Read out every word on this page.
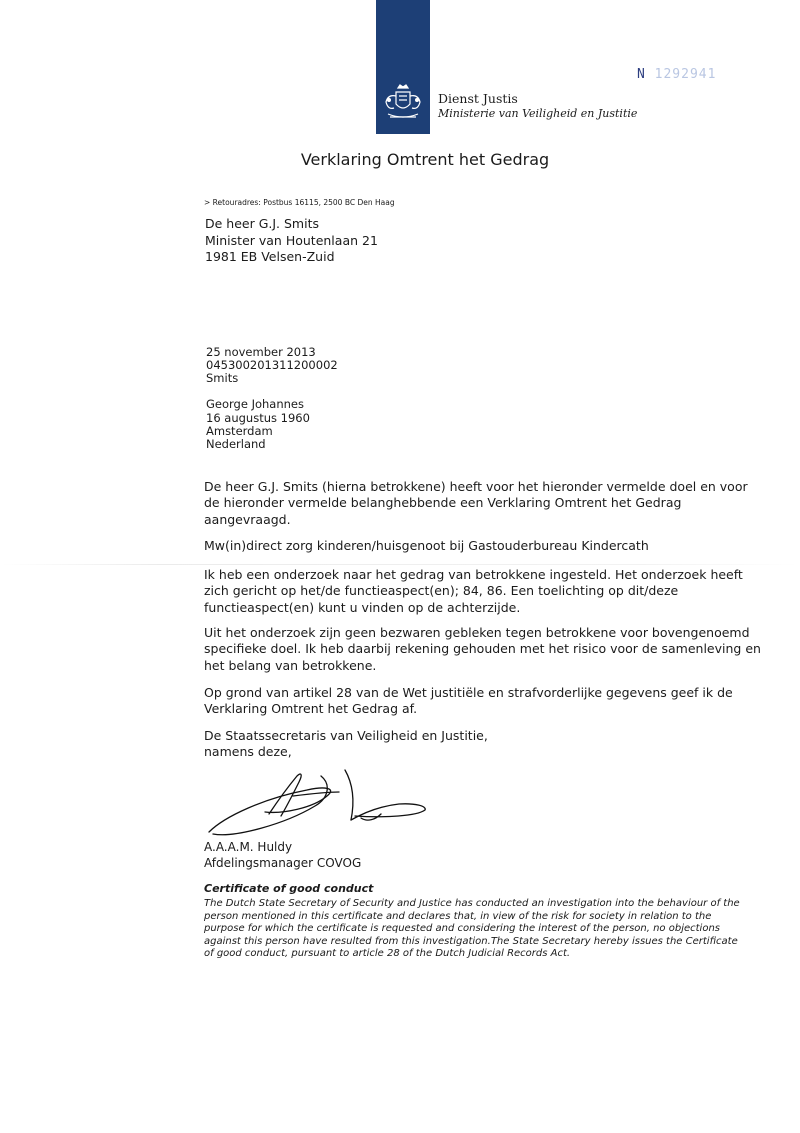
Dienst Justis
Ministerie van Veiligheid en Justitie
N 1292941
Verklaring Omtrent het Gedrag
> Retouradres: Postbus 16115, 2500 BC Den Haag
De heer G.J. Smits
Minister van Houtenlaan 21
1981 EB Velsen-Zuid
25 november 2013
045300201311200002
Smits
George Johannes
16 augustus 1960
Amsterdam
Nederland
De heer G.J. Smits (hierna betrokkene) heeft voor het hieronder vermelde doel en voor de hieronder vermelde belanghebbende een Verklaring Omtrent het Gedrag aangevraagd.
Mw(in)direct zorg kinderen/huisgenoot bij Gastouderbureau Kindercath
Ik heb een onderzoek naar het gedrag van betrokkene ingesteld. Het onderzoek heeft zich gericht op het/de functieaspect(en); 84, 86. Een toelichting op dit/deze functieaspect(en) kunt u vinden op de achterzijde.
Uit het onderzoek zijn geen bezwaren gebleken tegen betrokkene voor bovengenoemd specifieke doel. Ik heb daarbij rekening gehouden met het risico voor de samenleving en het belang van betrokkene.
Op grond van artikel 28 van de Wet justitiële en strafvorderlijke gegevens geef ik de Verklaring Omtrent het Gedrag af.
De Staatssecretaris van Veiligheid en Justitie,
namens deze,
A.A.A.M. Huldy
Afdelingsmanager COVOG
Certificate of good conduct
The Dutch State Secretary of Security and Justice has conducted an investigation into the behaviour of the person mentioned in this certificate and declares that, in view of the risk for society in relation to the purpose for which the certificate is requested and considering the interest of the person, no objections against this person have resulted from this investigation.The State Secretary hereby issues the Certificate of good conduct, pursuant to article 28 of the Dutch Judicial Records Act.
